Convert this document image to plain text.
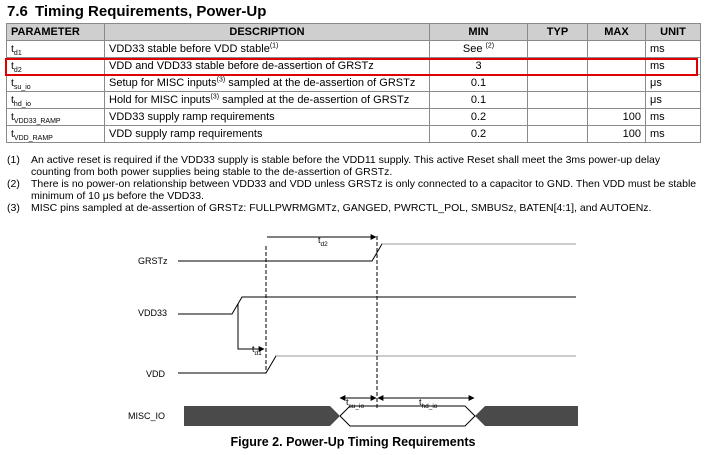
7.6 Timing Requirements, Power-Up
PARAMETER	DESCRIPTION	MIN	TYP	MAX	UNIT
$t_{d1}$	VDD33 stable before VDD stable$^{(1)}$	See $^{(2)}$			ms
$t_{d2}$	VDD and VDD33 stable before de-assertion of GRSTz	3			ms
$t_{su\_io}$	Setup for MISC inputs$^{(3)}$ sampled at the de-assertion of GRSTz	0.1			μs
$t_{hd\_io}$	Hold for MISC inputs$^{(3)}$ sampled at the de-assertion of GRSTz	0.1			μs
$t_{VDD33\_RAMP}$	VDD33 supply ramp requirements	0.2		100	ms
$t_{VDD\_RAMP}$	VDD supply ramp requirements	0.2		100	ms
(1) An active reset is required if the VDD33 supply is stable before the VDD11 supply. This active Reset shall meet the 3ms power-up delay counting from both power supplies being stable to the de-assertion of GRSTz.
(2) There is no power-on relationship between VDD33 and VDD unless GRSTz is only connected to a capacitor to GND. Then VDD must be stable minimum of 10 μs before the VDD33.
(3) MISC pins sampled at de-assertion of GRSTz: FULLPWRMGMTz, GANGED, PWRCTL_POL, SMBUSz, BATEN[4:1], and AUTOENz.
GRSTz
VDD33
VDD
MISC_IO
$t_{d2}$
$t_{d1}$
$t_{su\_io}$	$t_{hd\_io}$

Figure 2. Power-Up Timing Requirements
